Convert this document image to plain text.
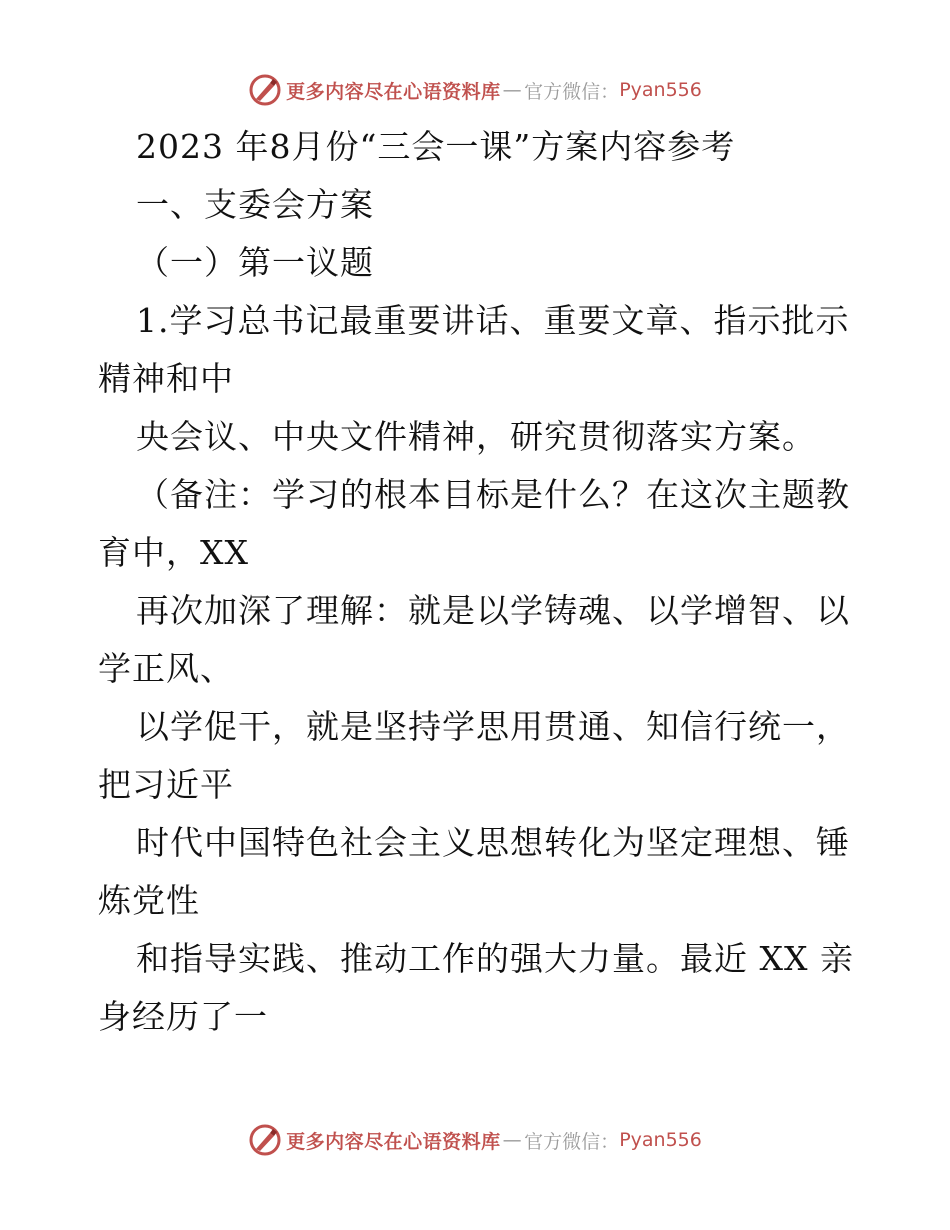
更多内容尽在心语资料库 — 官方微信： Pyan556
2023 年8月份“三会一课”方案内容参考
一、支委会方案
（一）第一议题
1.学习总书记最重要讲话、重要文章、指示批示
精神和中
央会议、中央文件精神，研究贯彻落实方案。
（备注：学习的根本目标是什么？在这次主题教
育中，XX
再次加深了理解：就是以学铸魂、以学增智、以
学正风、
以学促干，就是坚持学思用贯通、知信行统一，
把习近平
时代中国特色社会主义思想转化为坚定理想、锤
炼党性
和指导实践、推动工作的强大力量。最近 XX 亲
身经历了一
更多内容尽在心语资料库 — 官方微信： Pyan556
